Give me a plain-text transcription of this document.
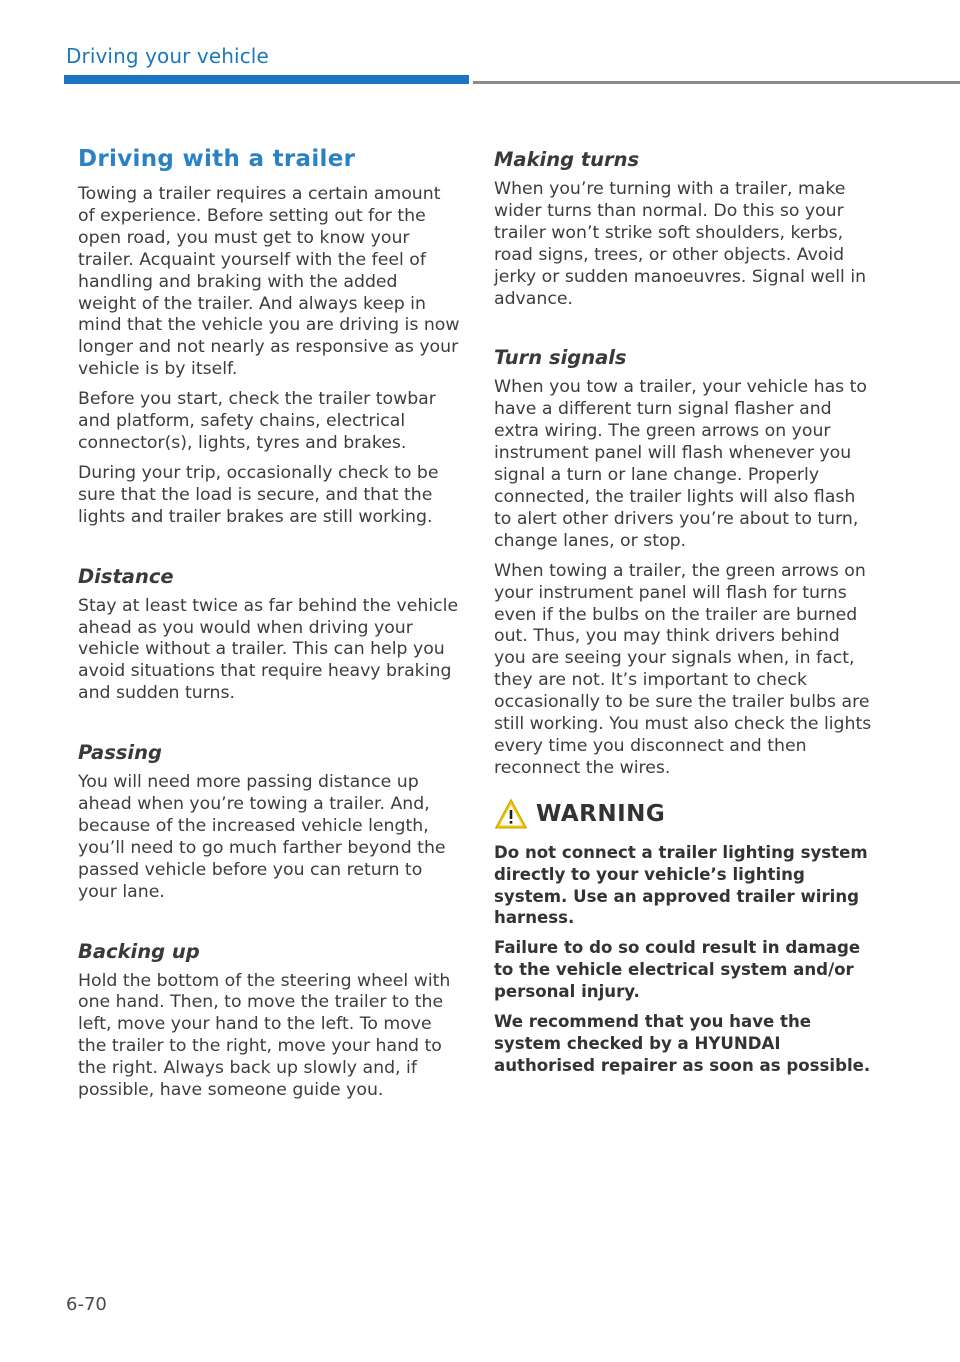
Driving your vehicle
Driving with a trailer

Towing a trailer requires a certain amount of experience. Before setting out for the open road, you must get to know your trailer. Acquaint yourself with the feel of handling and braking with the added weight of the trailer. And always keep in mind that the vehicle you are driving is now longer and not nearly as responsive as your vehicle is by itself.

Before you start, check the trailer towbar and platform, safety chains, electrical connector(s), lights, tyres and brakes.

During your trip, occasionally check to be sure that the load is secure, and that the lights and trailer brakes are still working.

Distance

Stay at least twice as far behind the vehicle ahead as you would when driving your vehicle without a trailer. This can help you avoid situations that require heavy braking and sudden turns.

Passing

You will need more passing distance up ahead when you’re towing a trailer. And, because of the increased vehicle length, you’ll need to go much farther beyond the passed vehicle before you can return to your lane.

Backing up

Hold the bottom of the steering wheel with one hand. Then, to move the trailer to the left, move your hand to the left. To move the trailer to the right, move your hand to the right. Always back up slowly and, if possible, have someone guide you.

Making turns

When you’re turning with a trailer, make wider turns than normal. Do this so your trailer won’t strike soft shoulders, kerbs, road signs, trees, or other objects. Avoid jerky or sudden manoeuvres. Signal well in advance.

Turn signals

When you tow a trailer, your vehicle has to have a different turn signal flasher and extra wiring. The green arrows on your instrument panel will flash whenever you signal a turn or lane change. Properly connected, the trailer lights will also flash to alert other drivers you’re about to turn, change lanes, or stop.

When towing a trailer, the green arrows on your instrument panel will flash for turns even if the bulbs on the trailer are burned out. Thus, you may think drivers behind you are seeing your signals when, in fact, they are not. It’s important to check occasionally to be sure the trailer bulbs are still working. You must also check the lights every time you disconnect and then reconnect the wires.

WARNING

Do not connect a trailer lighting system directly to your vehicle’s lighting system. Use an approved trailer wiring harness.

Failure to do so could result in damage to the vehicle electrical system and/or personal injury.

We recommend that you have the system checked by a HYUNDAI authorised repairer as soon as possible.

6-70
